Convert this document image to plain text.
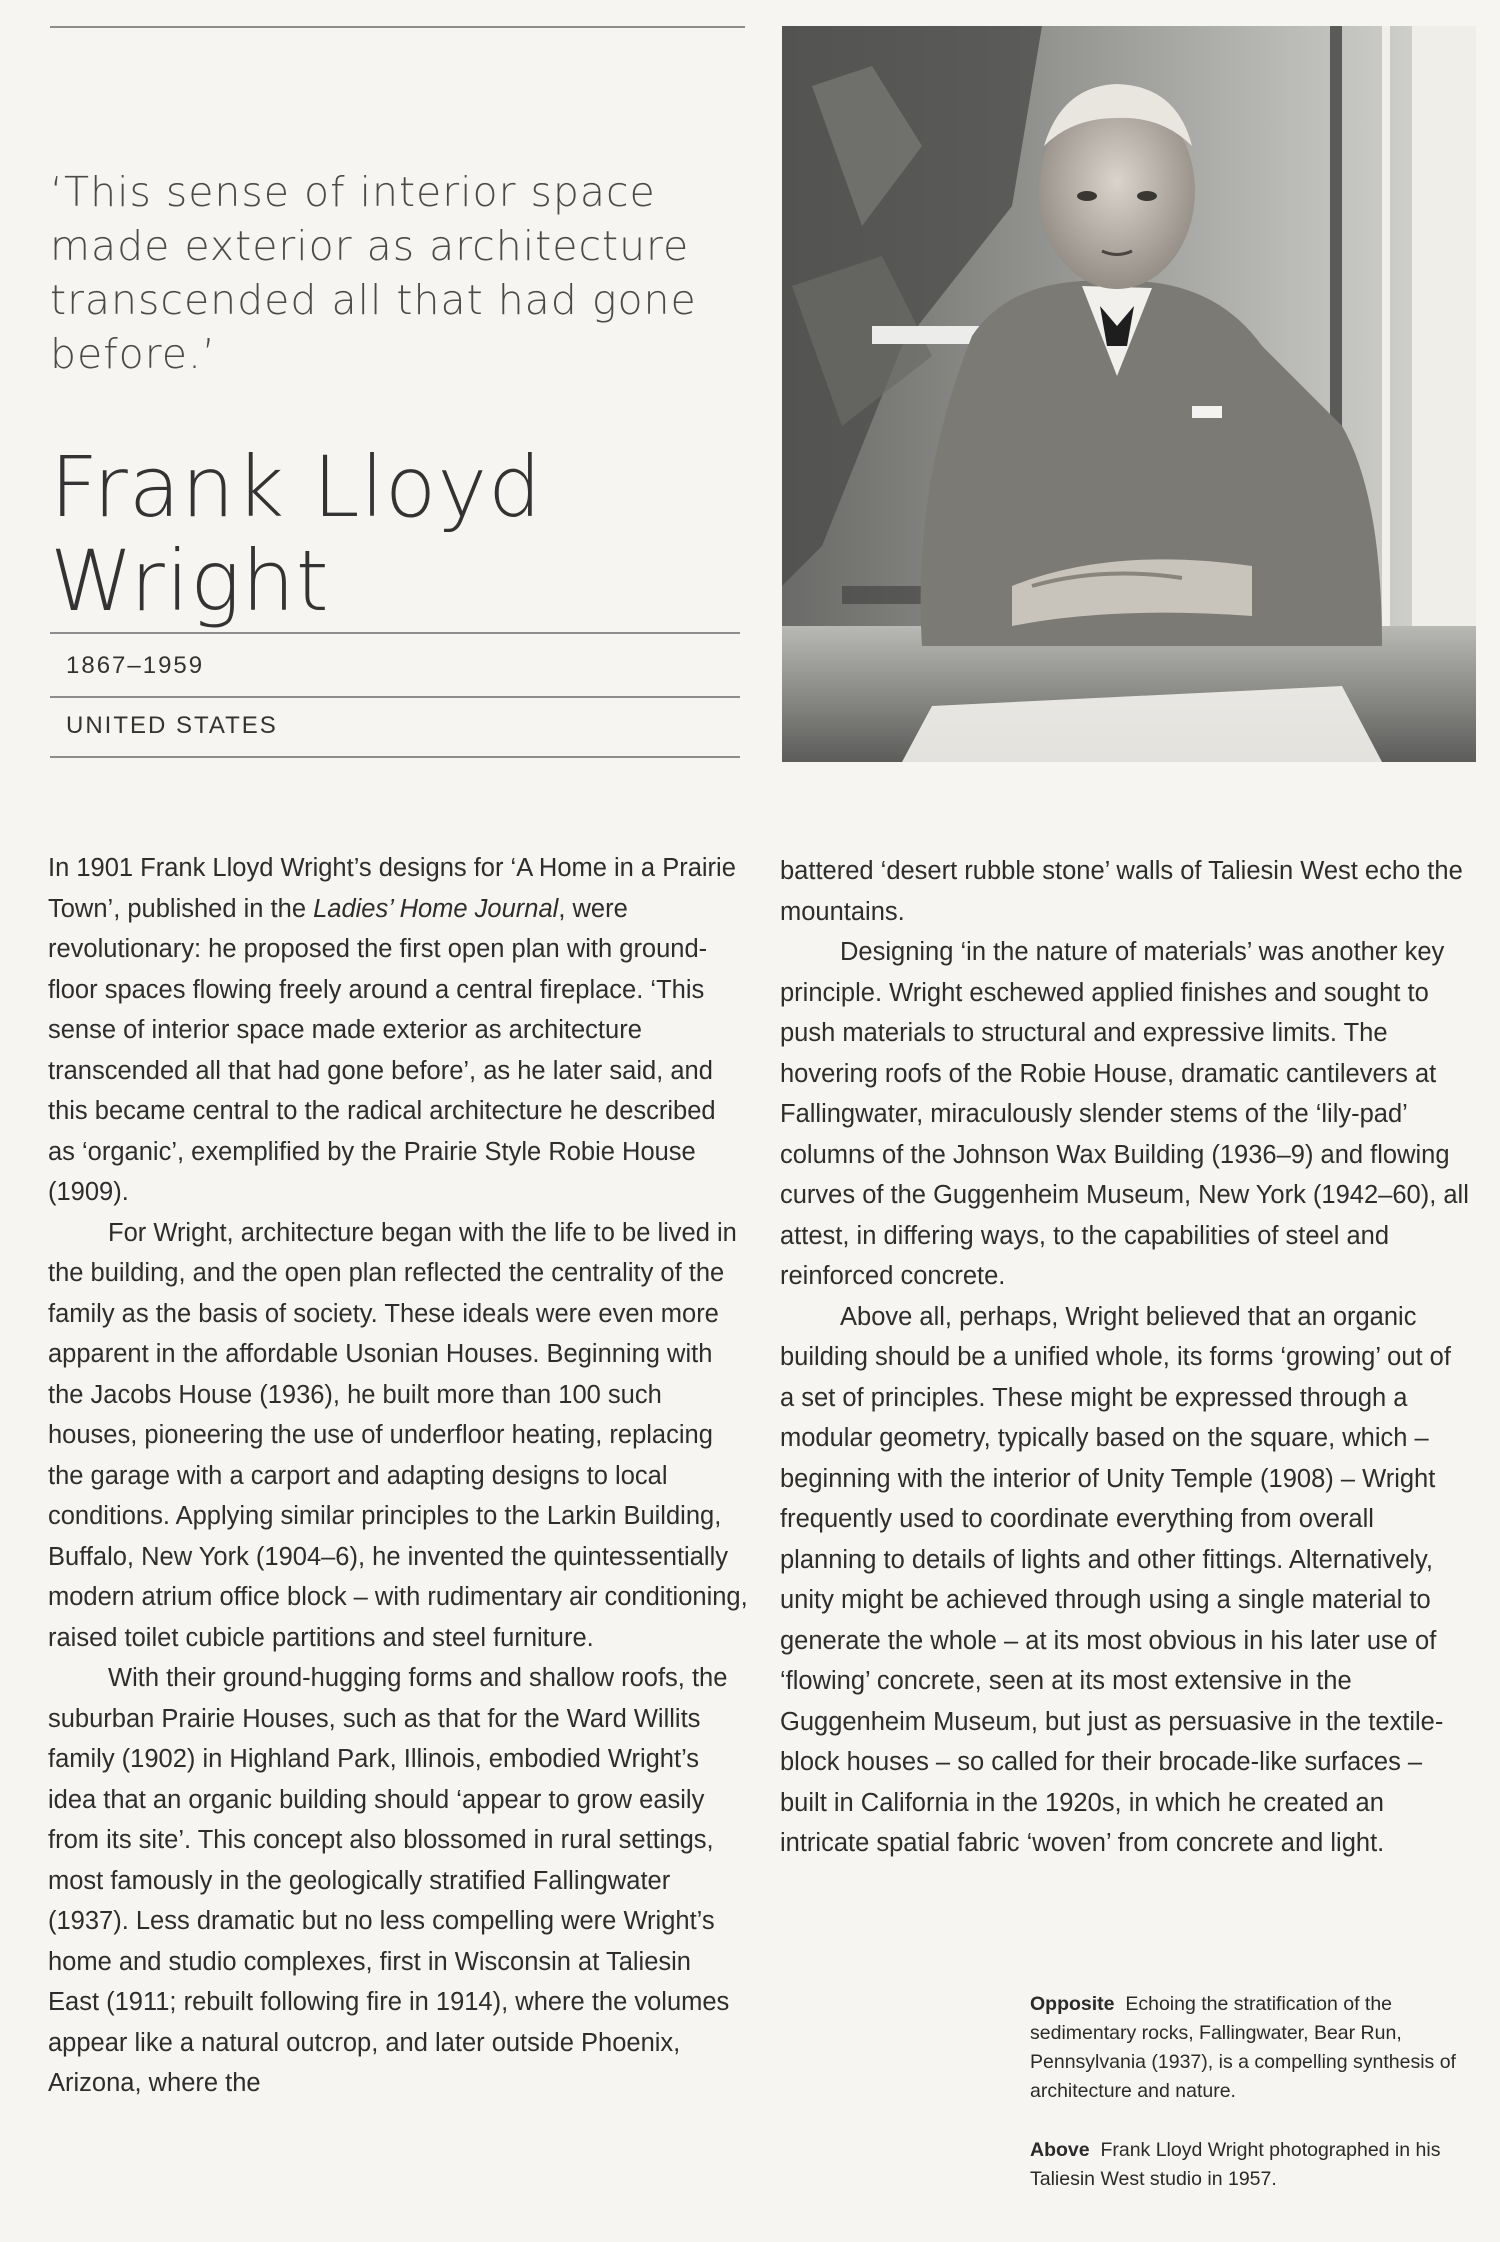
‘This sense of interior space made exterior as architecture transcended all that had gone before.’

Frank Lloyd
Wright
1867–1959
UNITED STATES

In 1901 Frank Lloyd Wright’s designs for ‘A Home in a Prairie Town’, published in the Ladies’ Home Journal, were revolutionary: he proposed the first open plan with ground-floor spaces flowing freely around a central fireplace. ‘This sense of interior space made exterior as architecture transcended all that had gone before’, as he later said, and this became central to the radical architecture he described as ‘organic’, exemplified by the Prairie Style Robie House (1909).

For Wright, architecture began with the life to be lived in the building, and the open plan reflected the centrality of the family as the basis of society. These ideals were even more apparent in the affordable Usonian Houses. Beginning with the Jacobs House (1936), he built more than 100 such houses, pioneering the use of underfloor heating, replacing the garage with a carport and adapting designs to local conditions. Applying similar principles to the Larkin Building, Buffalo, New York (1904–6), he invented the quintessentially modern atrium office block – with rudimentary air conditioning, raised toilet cubicle partitions and steel furniture.

With their ground-hugging forms and shallow roofs, the suburban Prairie Houses, such as that for the Ward Willits family (1902) in Highland Park, Illinois, embodied Wright’s idea that an organic building should ‘appear to grow easily from its site’. This concept also blossomed in rural settings, most famously in the geologically stratified Fallingwater (1937). Less dramatic but no less compelling were Wright’s home and studio complexes, first in Wisconsin at Taliesin East (1911; rebuilt following fire in 1914), where the volumes appear like a natural outcrop, and later outside Phoenix, Arizona, where the

battered ‘desert rubble stone’ walls of Taliesin West echo the mountains.

Designing ‘in the nature of materials’ was another key principle. Wright eschewed applied finishes and sought to push materials to structural and expressive limits. The hovering roofs of the Robie House, dramatic cantilevers at Fallingwater, miraculously slender stems of the ‘lily-pad’ columns of the Johnson Wax Building (1936–9) and flowing curves of the Guggenheim Museum, New York (1942–60), all attest, in differing ways, to the capabilities of steel and reinforced concrete.

Above all, perhaps, Wright believed that an organic building should be a unified whole, its forms ‘growing’ out of a set of principles. These might be expressed through a modular geometry, typically based on the square, which – beginning with the interior of Unity Temple (1908) – Wright frequently used to coordinate everything from overall planning to details of lights and other fittings. Alternatively, unity might be achieved through using a single material to generate the whole – at its most obvious in his later use of ‘flowing’ concrete, seen at its most extensive in the Guggenheim Museum, but just as persuasive in the textile-block houses – so called for their brocade-like surfaces – built in California in the 1920s, in which he created an intricate spatial fabric ‘woven’ from concrete and light.

Opposite Echoing the stratification of the sedimentary rocks, Fallingwater, Bear Run, Pennsylvania (1937), is a compelling synthesis of architecture and nature.

Above Frank Lloyd Wright photographed in his Taliesin West studio in 1957.
